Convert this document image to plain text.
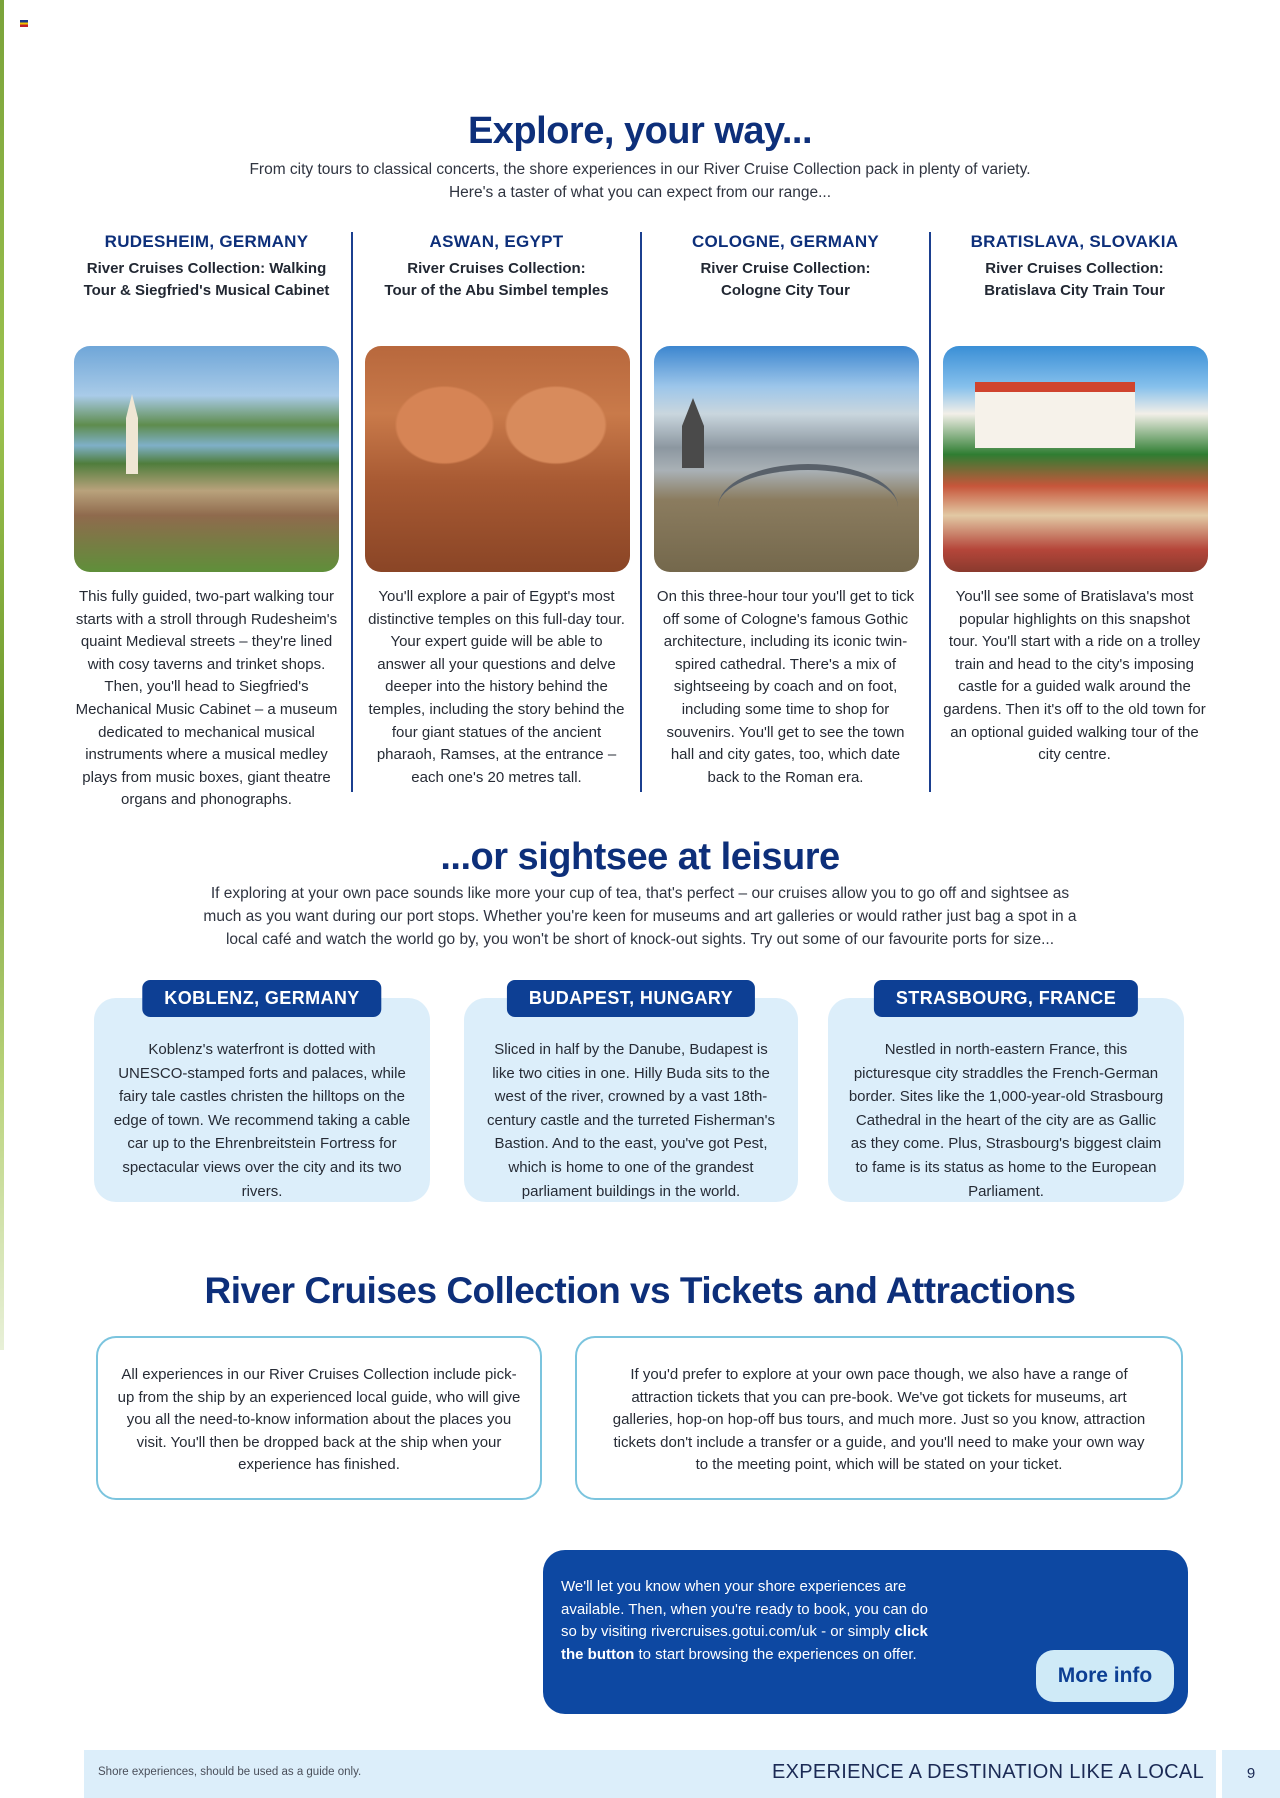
Explore, your way...
From city tours to classical concerts, the shore experiences in our River Cruise Collection pack in plenty of variety.
Here's a taster of what you can expect from our range...
RUDESHEIM, GERMANY
River Cruises Collection: Walking
Tour & Siegfried's Musical Cabinet
This fully guided, two-part walking tour starts with a stroll through Rudesheim's quaint Medieval streets – they're lined with cosy taverns and trinket shops. Then, you'll head to Siegfried's Mechanical Music Cabinet – a museum dedicated to mechanical musical instruments where a musical medley plays from music boxes, giant theatre organs and phonographs.
ASWAN, EGYPT
River Cruises Collection:
Tour of the Abu Simbel temples
You'll explore a pair of Egypt's most distinctive temples on this full-day tour. Your expert guide will be able to answer all your questions and delve deeper into the history behind the temples, including the story behind the four giant statues of the ancient pharaoh, Ramses, at the entrance – each one's 20 metres tall.
COLOGNE, GERMANY
River Cruise Collection:
Cologne City Tour
On this three-hour tour you'll get to tick off some of Cologne's famous Gothic architecture, including its iconic twin-spired cathedral. There's a mix of sightseeing by coach and on foot, including some time to shop for souvenirs. You'll get to see the town hall and city gates, too, which date back to the Roman era.
BRATISLAVA, SLOVAKIA
River Cruises Collection:
Bratislava City Train Tour
You'll see some of Bratislava's most popular highlights on this snapshot tour. You'll start with a ride on a trolley train and head to the city's imposing castle for a guided walk around the gardens. Then it's off to the old town for an optional guided walking tour of the city centre.
...or sightsee at leisure
If exploring at your own pace sounds like more your cup of tea, that's perfect – our cruises allow you to go off and sightsee as
much as you want during our port stops. Whether you're keen for museums and art galleries or would rather just bag a spot in a
local café and watch the world go by, you won't be short of knock-out sights. Try out some of our favourite ports for size...
KOBLENZ, GERMANY
Koblenz's waterfront is dotted with UNESCO-stamped forts and palaces, while fairy tale castles christen the hilltops on the edge of town. We recommend taking a cable car up to the Ehrenbreitstein Fortress for spectacular views over the city and its two rivers.
BUDAPEST, HUNGARY
Sliced in half by the Danube, Budapest is like two cities in one. Hilly Buda sits to the west of the river, crowned by a vast 18th-century castle and the turreted Fisherman's Bastion. And to the east, you've got Pest, which is home to one of the grandest parliament buildings in the world.
STRASBOURG, FRANCE
Nestled in north-eastern France, this picturesque city straddles the French-German border. Sites like the 1,000-year-old Strasbourg Cathedral in the heart of the city are as Gallic as they come. Plus, Strasbourg's biggest claim to fame is its status as home to the European Parliament.
River Cruises Collection vs Tickets and Attractions
All experiences in our River Cruises Collection include pick-up from the ship by an experienced local guide, who will give you all the need-to-know information about the places you visit. You'll then be dropped back at the ship when your experience has finished.
If you'd prefer to explore at your own pace though, we also have a range of attraction tickets that you can pre-book. We've got tickets for museums, art galleries, hop-on hop-off bus tours, and much more. Just so you know, attraction tickets don't include a transfer or a guide, and you'll need to make your own way to the meeting point, which will be stated on your ticket.
We'll let you know when your shore experiences are available. Then, when you're ready to book, you can do so by visiting rivercruises.gotui.com/uk - or simply click the button to start browsing the experiences on offer.
More info
Shore experiences, should be used as a guide only.	EXPERIENCE A DESTINATION LIKE A LOCAL	9
